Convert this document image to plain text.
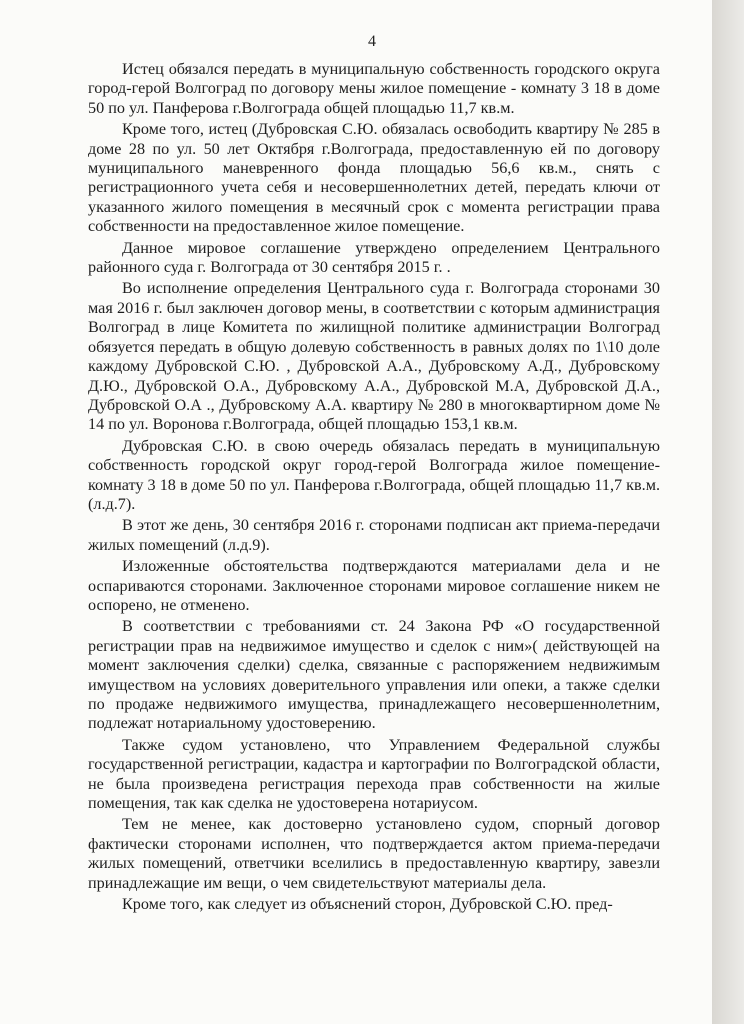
4

Истец обязался передать в муниципальную собственность городского округа город-герой Волгоград по договору мены жилое помещение - комнату 3 18 в доме 50 по ул. Панферова г.Волгограда общей площадью 11,7 кв.м.

Кроме того, истец (Дубровская С.Ю. обязалась освободить квартиру № 285 в доме 28 по ул. 50 лет Октября г.Волгограда, предоставленную ей по договору муниципального маневренного фонда площадью 56,6 кв.м., снять с регистрационного учета себя и несовершеннолетних детей, передать ключи от указанного жилого помещения в месячный срок с момента регистрации права собственности на предоставленное жилое помещение.

Данное мировое соглашение утверждено определением Центрального районного суда г. Волгограда от 30 сентября 2015 г. .

Во исполнение определения Центрального суда г. Волгограда сторонами 30 мая 2016 г. был заключен договор мены, в соответствии с которым администрация Волгоград в лице Комитета по жилищной политике администрации Волгоград обязуется передать в общую долевую собственность в равных долях по 1\10 доле каждому Дубровской С.Ю. , Дубровской А.А., Дубровскому А.Д., Дубровскому Д.Ю., Дубровской О.А., Дубровскому А.А., Дубровской М.А, Дубровской Д.А., Дубровской О.А ., Дубровскому А.А. квартиру № 280 в многоквартирном доме № 14 по ул. Воронова г.Волгограда, общей площадью 153,1 кв.м.

Дубровская С.Ю. в свою очередь обязалась передать в муниципальную собственность городской округ город-герой Волгограда жилое помещение- комнату 3 18 в доме 50 по ул. Панферова г.Волгограда, общей площадью 11,7 кв.м. (л.д.7).

В этот же день, 30 сентября 2016 г. сторонами подписан акт приема-передачи жилых помещений (л.д.9).

Изложенные обстоятельства подтверждаются материалами дела и не оспариваются сторонами. Заключенное сторонами мировое соглашение никем не оспорено, не отменено.

В соответствии с требованиями ст. 24 Закона РФ «О государственной регистрации прав на недвижимое имущество и сделок с ним»( действующей на момент заключения сделки) сделка, связанные с распоряжением недвижимым имуществом на условиях доверительного управления или опеки, а также сделки по продаже недвижимого имущества, принадлежащего несовершеннолетним, подлежат нотариальному удостоверению.

Также судом установлено, что Управлением Федеральной службы государственной регистрации, кадастра и картографии по Волгоградской области, не была произведена регистрация перехода прав собственности на жилые помещения, так как сделка не удостоверена нотариусом.

Тем не менее, как достоверно установлено судом, спорный договор фактически сторонами исполнен, что подтверждается актом приема-передачи жилых помещений, ответчики вселились в предоставленную квартиру, завезли принадлежащие им вещи, о чем свидетельствуют материалы дела.

Кроме того, как следует из объяснений сторон, Дубровской С.Ю. пред-
